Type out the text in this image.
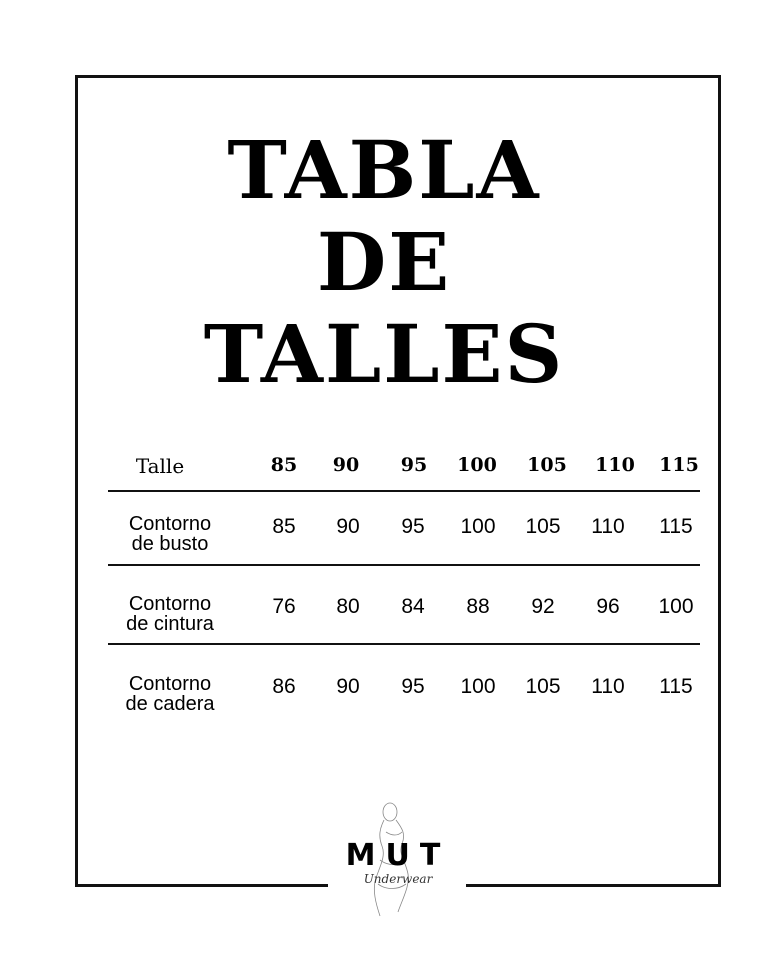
TABLA
DE
TALLES
Talle	85	90	95	100	105	110	115
Contorno
de busto
85	90	95	100	105	110	115
Contorno
de cintura
76	80	84	88	92	96	100
Contorno
de cadera
86	90	95	100	105	110	115
MUT
Underwear
